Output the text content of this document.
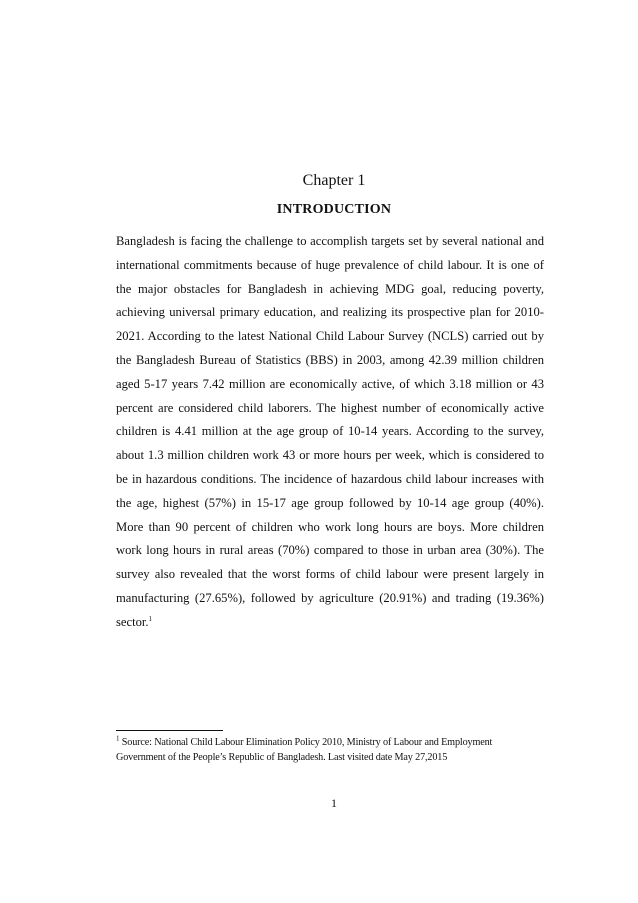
Chapter 1
INTRODUCTION

Bangladesh is facing the challenge to accomplish targets set by several national and international commitments because of huge prevalence of child labour. It is one of the major obstacles for Bangladesh in achieving MDG goal, reducing poverty, achieving universal primary education, and realizing its prospective plan for 2010-2021. According to the latest National Child Labour Survey (NCLS) carried out by the Bangladesh Bureau of Statistics (BBS) in 2003, among 42.39 million children aged 5-17 years 7.42 million are economically active, of which 3.18 million or 43 percent are considered child laborers. The highest number of economically active children is 4.41 million at the age group of 10-14 years. According to the survey, about 1.3 million children work 43 or more hours per week, which is considered to be in hazardous conditions. The incidence of hazardous child labour increases with the age, highest (57%) in 15-17 age group followed by 10-14 age group (40%). More than 90 percent of children who work long hours are boys. More children work long hours in rural areas (70%) compared to those in urban area (30%). The survey also revealed that the worst forms of child labour were present largely in manufacturing (27.65%), followed by agriculture (20.91%) and trading (19.36%) sector.$^1$

$^1$ Source: National Child Labour Elimination Policy 2010, Ministry of Labour and Employment Government of the People’s Republic of Bangladesh. Last visited date May 27,2015

1
